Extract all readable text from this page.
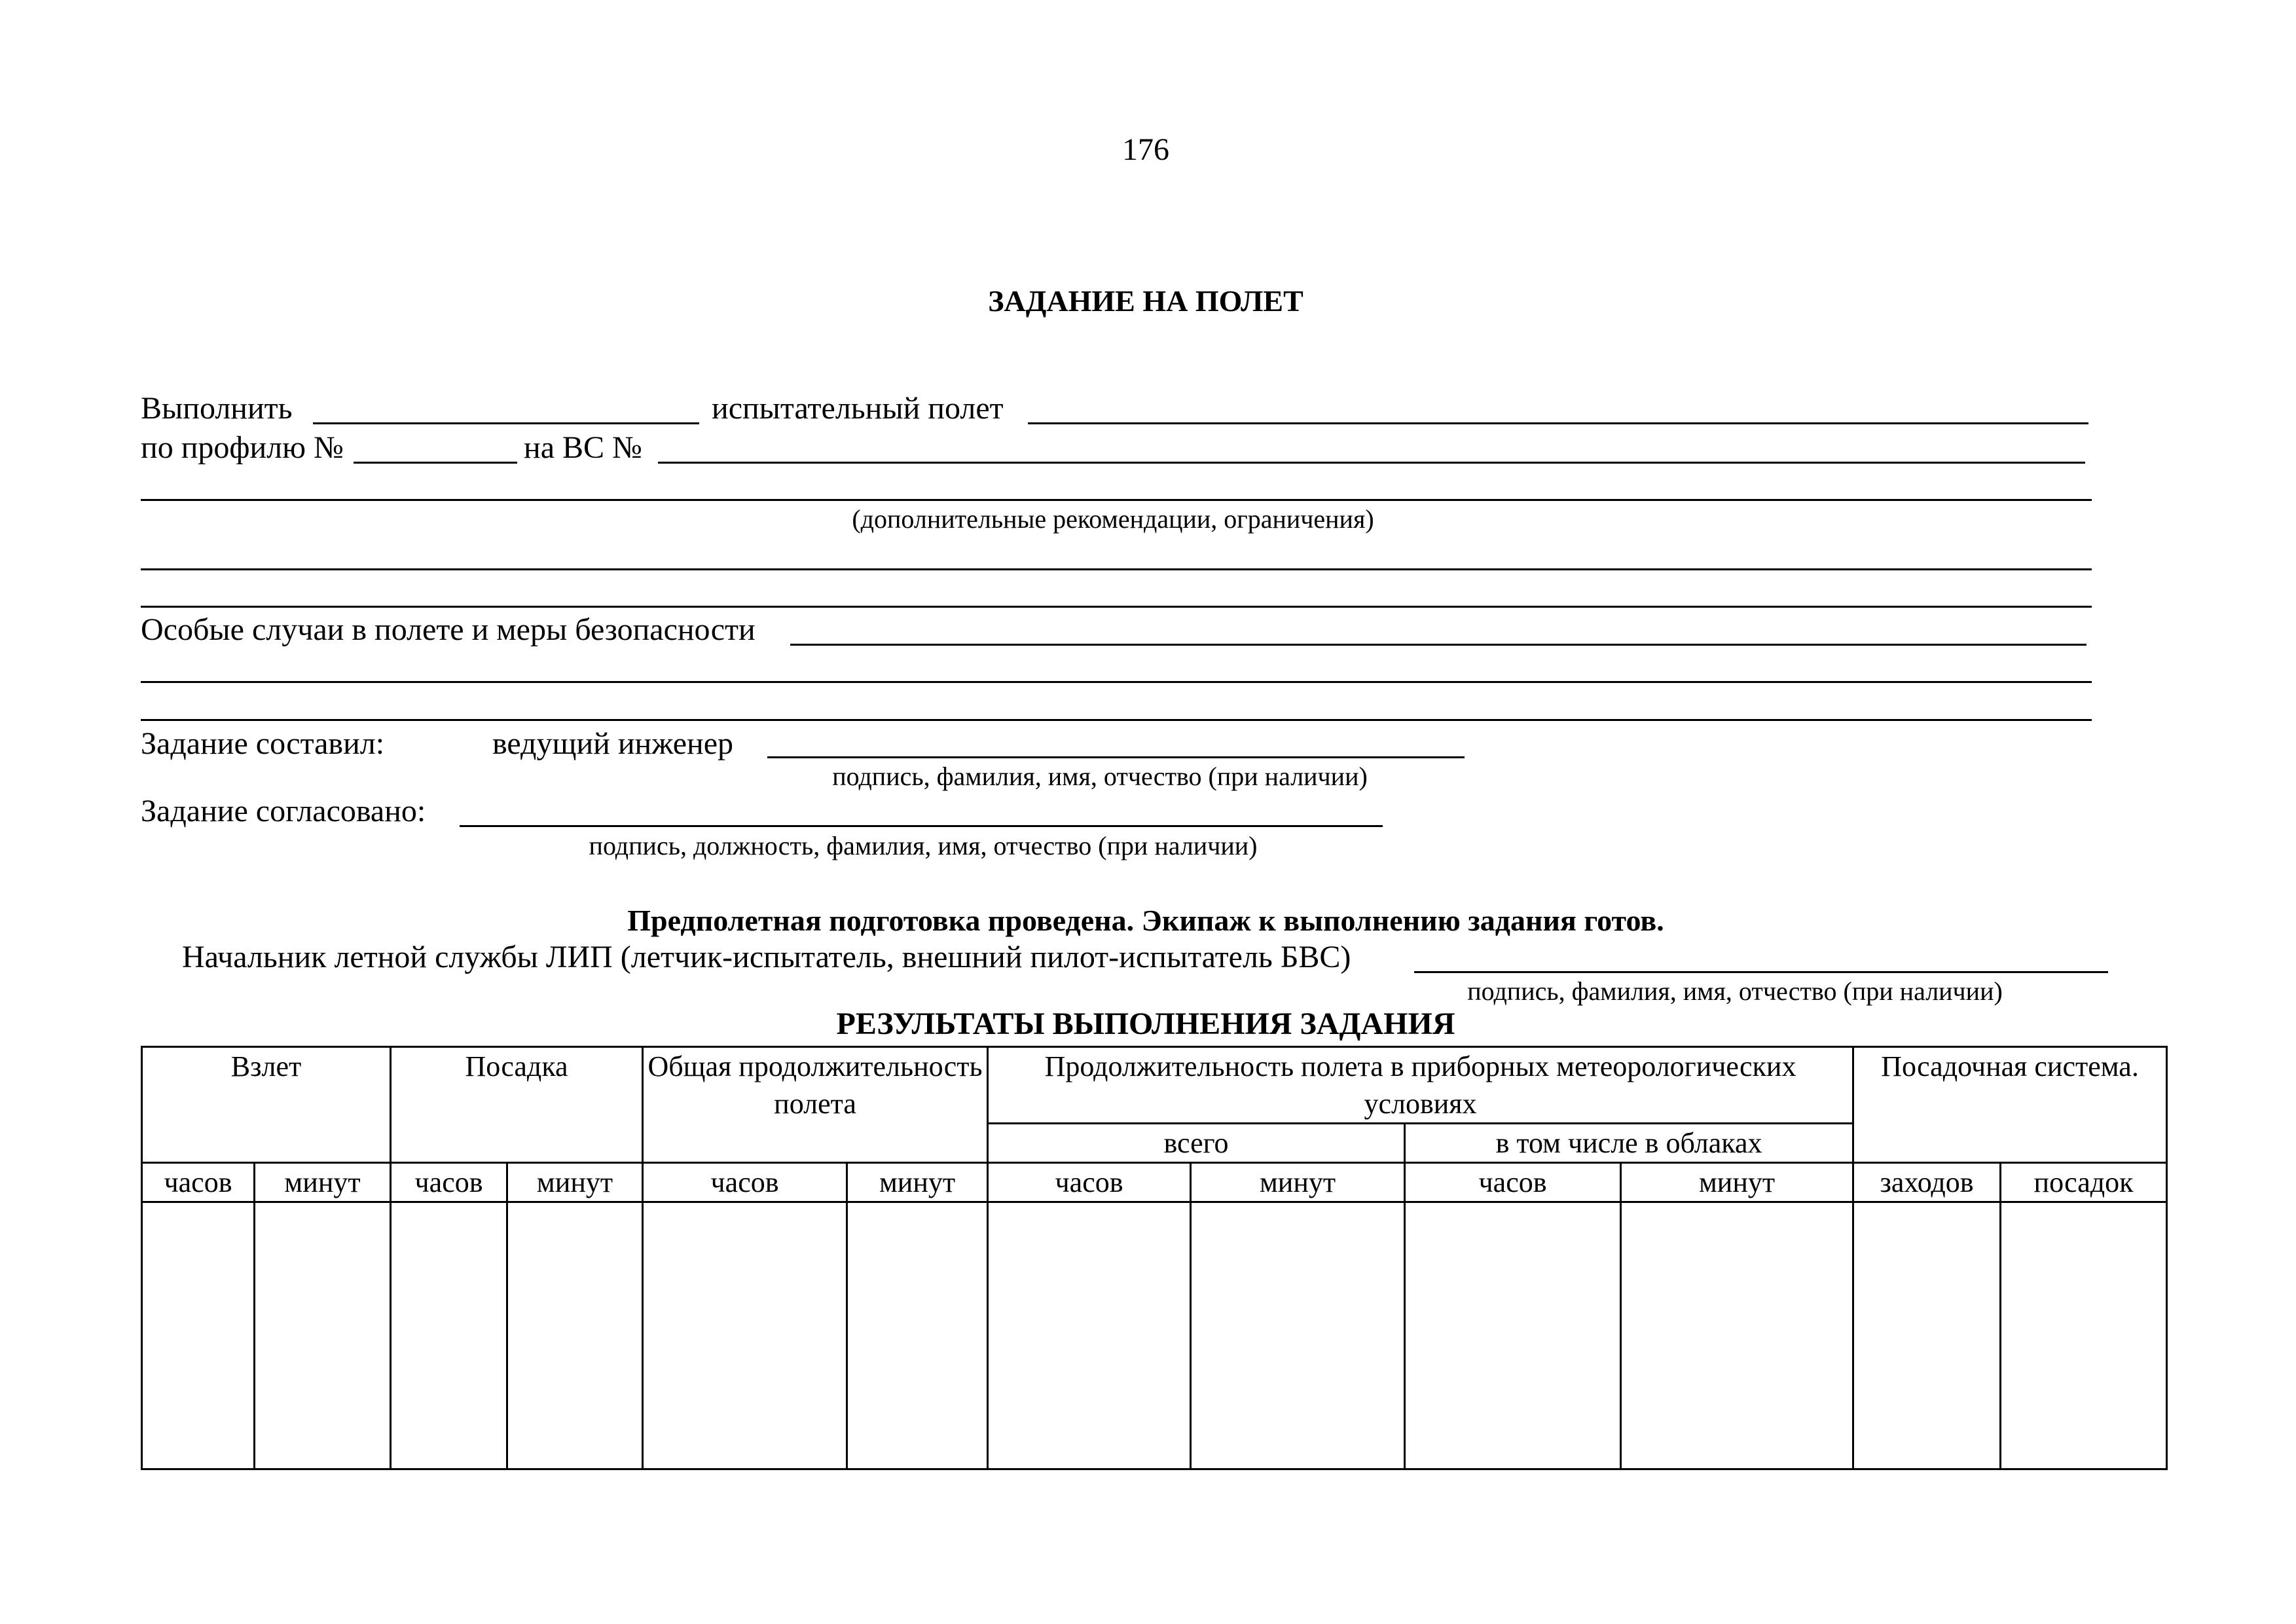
176
ЗАДАНИЕ НА ПОЛЕТ
Выполнить	испытательный полет
по профилю №	на ВС №
(дополнительные рекомендации, ограничения)
Особые случаи в полете и меры безопасности
Задание составил:	ведущий инженер
подпись, фамилия, имя, отчество (при наличии)
Задание согласовано:
подпись, должность, фамилия, имя, отчество (при наличии)
Предполетная подготовка проведена. Экипаж к выполнению задания готов.
Начальник летной службы ЛИП (летчик-испытатель, внешний пилот-испытатель БВС)
подпись, фамилия, имя, отчество (при наличии)
РЕЗУЛЬТАТЫ ВЫПОЛНЕНИЯ ЗАДАНИЯ
Взлет		Посадка		Общая продолжительность полета		Продолжительность полета в приборных метеорологических условиях				Посадочная система.	
						всего		в том числе в облаках			
часов	минут	часов	минут	часов	минут	часов	минут	часов	минут	заходов	посадок
